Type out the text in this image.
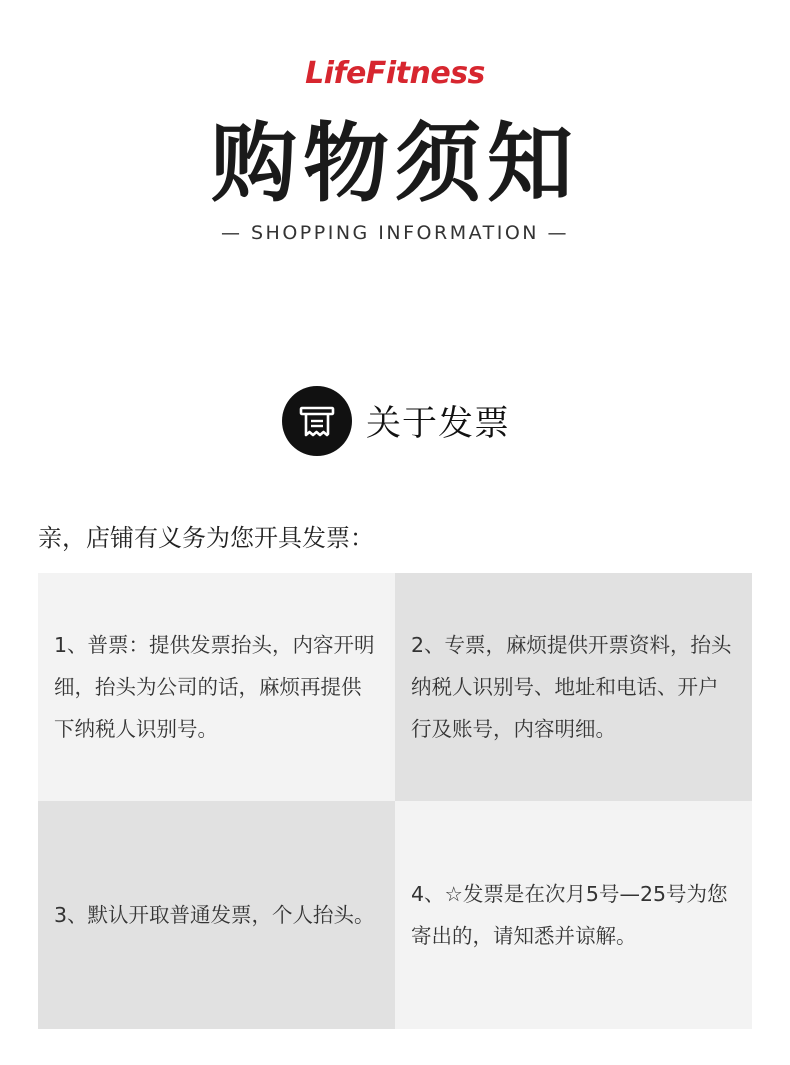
LifeFitness
购物须知
— SHOPPING INFORMATION —
关于发票
亲，店铺有义务为您开具发票：
1、普票：提供发票抬头，内容开明细，抬头为公司的话，麻烦再提供下纳税人识别号。
2、专票，麻烦提供开票资料，抬头纳税人识别号、地址和电话、开户行及账号，内容明细。
3、默认开取普通发票，个人抬头。
4、☆发票是在次月5号—25号为您寄出的，请知悉并谅解。
